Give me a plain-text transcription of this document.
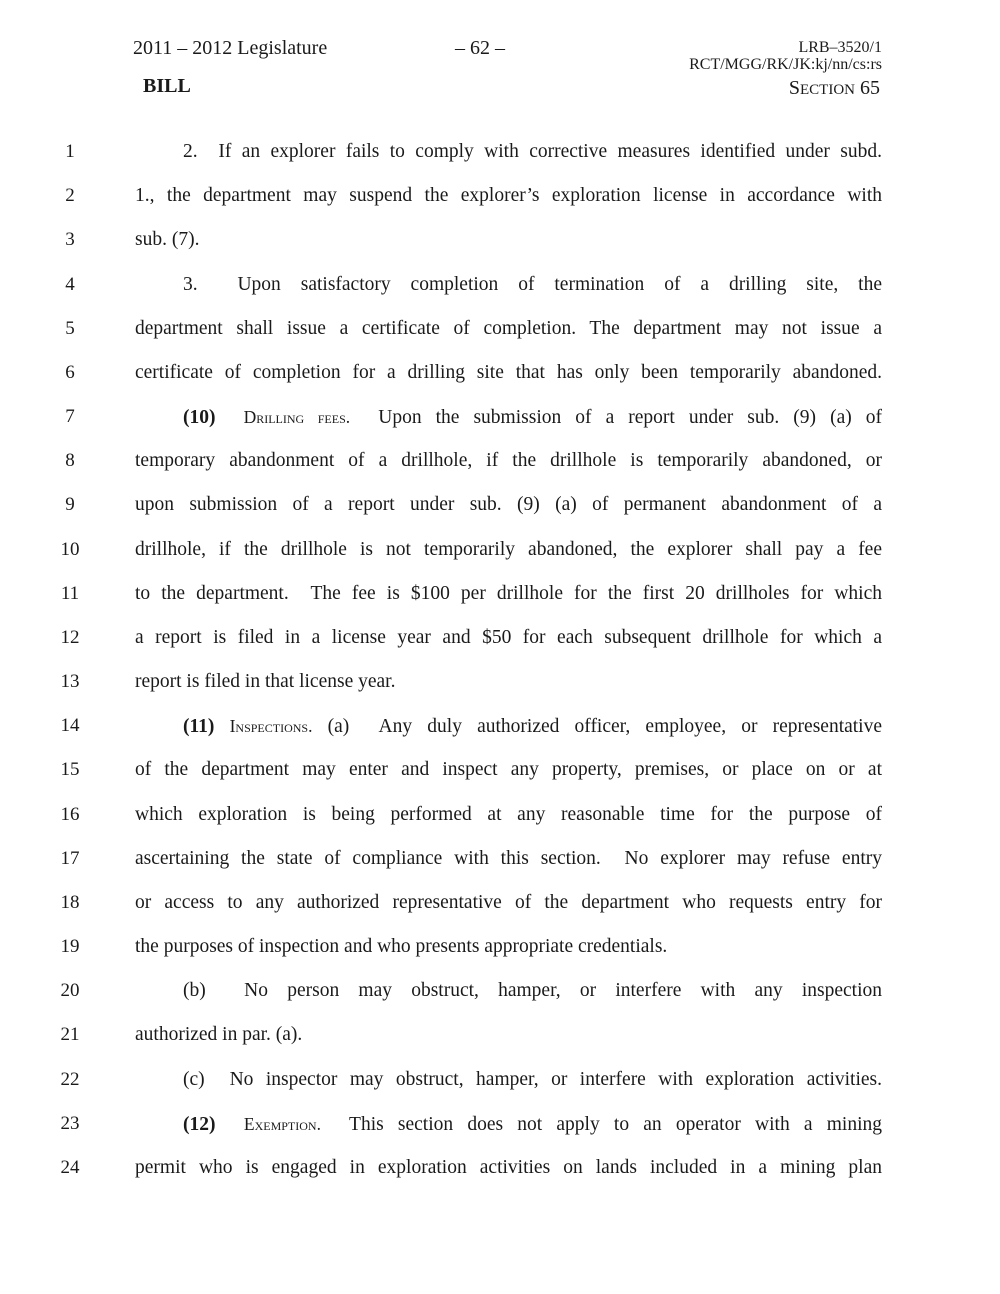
2011 – 2012 Legislature	– 62 –	LRB–3520/1
RCT/MGG/RK/JK:kj/nn/cs:rs
BILL	SECTION 65
1	2.  If an explorer fails to comply with corrective measures identified under subd.
2	1., the department may suspend the explorer’s exploration license in accordance with
3	sub. (7).
4	3.  Upon satisfactory completion of termination of a drilling site, the
5	department shall issue a certificate of completion. The department may not issue a
6	certificate of completion for a drilling site that has only been temporarily abandoned.
7	(10) Drilling fees.  Upon the submission of a report under sub. (9) (a) of
8	temporary abandonment of a drillhole, if the drillhole is temporarily abandoned, or
9	upon submission of a report under sub. (9) (a) of permanent abandonment of a
10	drillhole, if the drillhole is not temporarily abandoned, the explorer shall pay a fee
11	to the department.  The fee is $100 per drillhole for the first 20 drillholes for which
12	a report is filed in a license year and $50 for each subsequent drillhole for which a
13	report is filed in that license year.
14	(11) Inspections. (a)  Any duly authorized officer, employee, or representative
15	of the department may enter and inspect any property, premises, or place on or at
16	which exploration is being performed at any reasonable time for the purpose of
17	ascertaining the state of compliance with this section.  No explorer may refuse entry
18	or access to any authorized representative of the department who requests entry for
19	the purposes of inspection and who presents appropriate credentials.
20	(b)  No person may obstruct, hamper, or interfere with any inspection
21	authorized in par. (a).
22	(c)  No inspector may obstruct, hamper, or interfere with exploration activities.
23	(12) Exemption.  This section does not apply to an operator with a mining
24	permit who is engaged in exploration activities on lands included in a mining plan
